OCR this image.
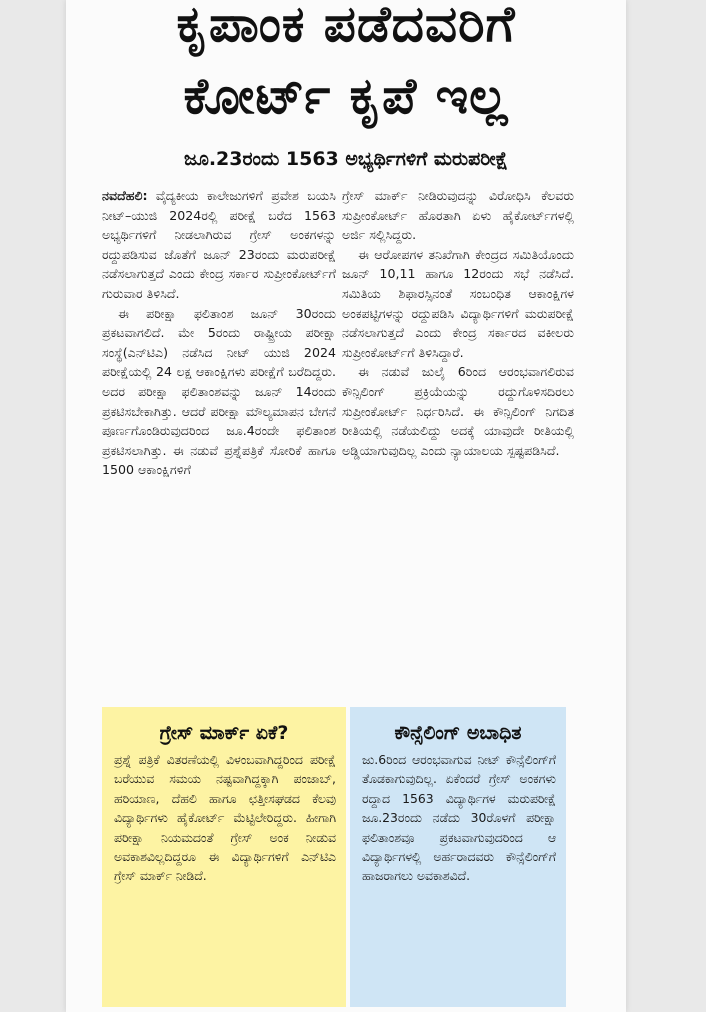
ಕೃಪಾಂಕ ಪಡೆದವರಿಗೆ
ಕೋರ್ಟ್ ಕೃಪೆ ಇಲ್ಲ
ಜೂ.23ರಂದು 1563 ಅಭ್ಯರ್ಥಿಗಳಿಗೆ ಮರುಪರೀಕ್ಷೆ

ನವದೆಹಲಿ: ವೈದ್ಯಕೀಯ ಕಾಲೇಜುಗಳಿಗೆ ಪ್ರವೇಶ ಬಯಸಿ ನೀಟ್–ಯುಜಿ 2024ರಲ್ಲಿ ಪರೀಕ್ಷೆ ಬರೆದ 1563 ಅಭ್ಯರ್ಥಿಗಳಿಗೆ ನೀಡಲಾಗಿರುವ ಗ್ರೇಸ್ ಅಂಕಗಳನ್ನು ರದ್ದುಪಡಿಸುವ ಜೊತೆಗೆ ಜೂನ್ 23ರಂದು ಮರುಪರೀಕ್ಷೆ ನಡೆಸಲಾಗುತ್ತದೆ ಎಂದು ಕೇಂದ್ರ ಸರ್ಕಾರ ಸುಪ್ರೀಂಕೋರ್ಟ್‌ಗೆ ಗುರುವಾರ ತಿಳಿಸಿದೆ.

ಈ ಪರೀಕ್ಷಾ ಫಲಿತಾಂಶ ಜೂನ್ 30ರಂದು ಪ್ರಕಟವಾಗಲಿದೆ. ಮೇ 5ರಂದು ರಾಷ್ಟ್ರೀಯ ಪರೀಕ್ಷಾ ಸಂಸ್ಥೆ(ಎನ್‌ಟಿಎ) ನಡೆಸಿದ ನೀಟ್ ಯುಜಿ 2024 ಪರೀಕ್ಷೆಯಲ್ಲಿ 24 ಲಕ್ಷ ಆಕಾಂಕ್ಷಿಗಳು ಪರೀಕ್ಷೆಗೆ ಬರೆದಿದ್ದರು. ಅದರ ಪರೀಕ್ಷಾ ಫಲಿತಾಂಶವನ್ನು ಜೂನ್ 14ರಂದು ಪ್ರಕಟಿಸಬೇಕಾಗಿತ್ತು. ಆದರೆ ಪರೀಕ್ಷಾ ಮೌಲ್ಯಮಾಪನ ಬೇಗನೆ ಪೂರ್ಣಗೊಂಡಿರುವುದರಿಂದ ಜೂ.4ರಂದೇ ಫಲಿತಾಂಶ ಪ್ರಕಟಿಸಲಾಗಿತ್ತು. ಈ ನಡುವೆ ಪ್ರಶ್ನೆಪತ್ರಿಕೆ ಸೋರಿಕೆ ಹಾಗೂ 1500 ಆಕಾಂಕ್ಷಿಗಳಿಗೆ

ಗ್ರೇಸ್ ಮಾರ್ಕ್ ನೀಡಿರುವುದನ್ನು ವಿರೋಧಿಸಿ ಕೆಲವರು ಸುಪ್ರೀಂಕೋರ್ಟ್ ಹೊರತಾಗಿ ಏಳು ಹೈಕೋರ್ಟ್‌ಗಳಲ್ಲಿ ಅರ್ಜಿ ಸಲ್ಲಿಸಿದ್ದರು.

ಈ ಆರೋಪಗಳ ತನಿಖೆಗಾಗಿ ಕೇಂದ್ರದ ಸಮಿತಿಯೊಂದು ಜೂನ್ 10,11 ಹಾಗೂ 12ರಂದು ಸಭೆ ನಡೆಸಿದೆ. ಸಮಿತಿಯ ಶಿಫಾರಸ್ಸಿನಂತೆ ಸಂಬಂಧಿತ ಆಕಾಂಕ್ಷಿಗಳ ಅಂಕಪಟ್ಟಿಗಳನ್ನು ರದ್ದುಪಡಿಸಿ ವಿದ್ಯಾರ್ಥಿಗಳಿಗೆ ಮರುಪರೀಕ್ಷೆ ನಡೆಸಲಾಗುತ್ತದೆ ಎಂದು ಕೇಂದ್ರ ಸರ್ಕಾರದ ವಕೀಲರು ಸುಪ್ರೀಂಕೋರ್ಟ್‌ಗೆ ತಿಳಿಸಿದ್ದಾರೆ.

ಈ ನಡುವೆ ಜುಲೈ 6ರಿಂದ ಆರಂಭವಾಗಲಿರುವ ಕೌನ್ಸಿಲಿಂಗ್ ಪ್ರಕ್ರಿಯೆಯನ್ನು ರದ್ದುಗೊಳಿಸದಿರಲು ಸುಪ್ರೀಂಕೋರ್ಟ್ ನಿರ್ಧರಿಸಿದೆ. ಈ ಕೌನ್ಸಿಲಿಂಗ್ ನಿಗದಿತ ರೀತಿಯಲ್ಲಿ ನಡೆಯಲಿದ್ದು ಅದಕ್ಕೆ ಯಾವುದೇ ರೀತಿಯಲ್ಲಿ ಅಡ್ಡಿಯಾಗುವುದಿಲ್ಲ ಎಂದು ನ್ಯಾಯಾಲಯ ಸ್ಪಷ್ಟಪಡಿಸಿದೆ.

ಗ್ರೇಸ್ ಮಾರ್ಕ್ ಏಕೆ?
ಪ್ರಶ್ನೆ ಪತ್ರಿಕೆ ವಿತರಣೆಯಲ್ಲಿ ವಿಳಂಬವಾಗಿದ್ದರಿಂದ ಪರೀಕ್ಷೆ ಬರೆಯುವ ಸಮಯ ನಷ್ಟವಾಗಿದ್ದಕ್ಕಾಗಿ ಪಂಜಾಬ್, ಹರಿಯಾಣ, ದೆಹಲಿ ಹಾಗೂ ಛತ್ತೀಸಘಡದ ಕೆಲವು ವಿದ್ಯಾರ್ಥಿಗಳು ಹೈಕೋರ್ಟ್ ಮೆಟ್ಟಿಲೇರಿದ್ದರು. ಹೀಗಾಗಿ ಪರೀಕ್ಷಾ ನಿಯಮದಂತೆ ಗ್ರೇಸ್ ಅಂಕ ನೀಡುವ ಅವಕಾಶವಿಲ್ಲದಿದ್ದರೂ ಈ ವಿದ್ಯಾರ್ಥಿಗಳಿಗೆ ಎನ್‌ಟಿಎ ಗ್ರೇಸ್ ಮಾರ್ಕ್ ನೀಡಿದೆ.
ಕೌನ್ಸೆಲಿಂಗ್ ಅಬಾಧಿತ
ಜು.6ರಿಂದ ಆರಂಭವಾಗುವ ನೀಟ್ ಕೌನ್ಸೆಲಿಂಗ್‌ಗೆ ತೊಡಕಾಗುವುದಿಲ್ಲ. ಏಕೆಂದರೆ ಗ್ರೇಸ್ ಅಂಕಗಳು ರದ್ದಾದ 1563 ವಿದ್ಯಾರ್ಥಿಗಳ ಮರುಪರೀಕ್ಷೆ ಜೂ.23ರಂದು ನಡೆದು 30ರೊಳಗೆ ಪರೀಕ್ಷಾ ಫಲಿತಾಂಶವೂ ಪ್ರಕಟವಾಗುವುದರಿಂದ ಆ ವಿದ್ಯಾರ್ಥಿಗಳಲ್ಲಿ ಅರ್ಹರಾದವರು ಕೌನ್ಸೆಲಿಂಗ್‌ಗೆ ಹಾಜರಾಗಲು ಅವಕಾಶವಿದೆ.
